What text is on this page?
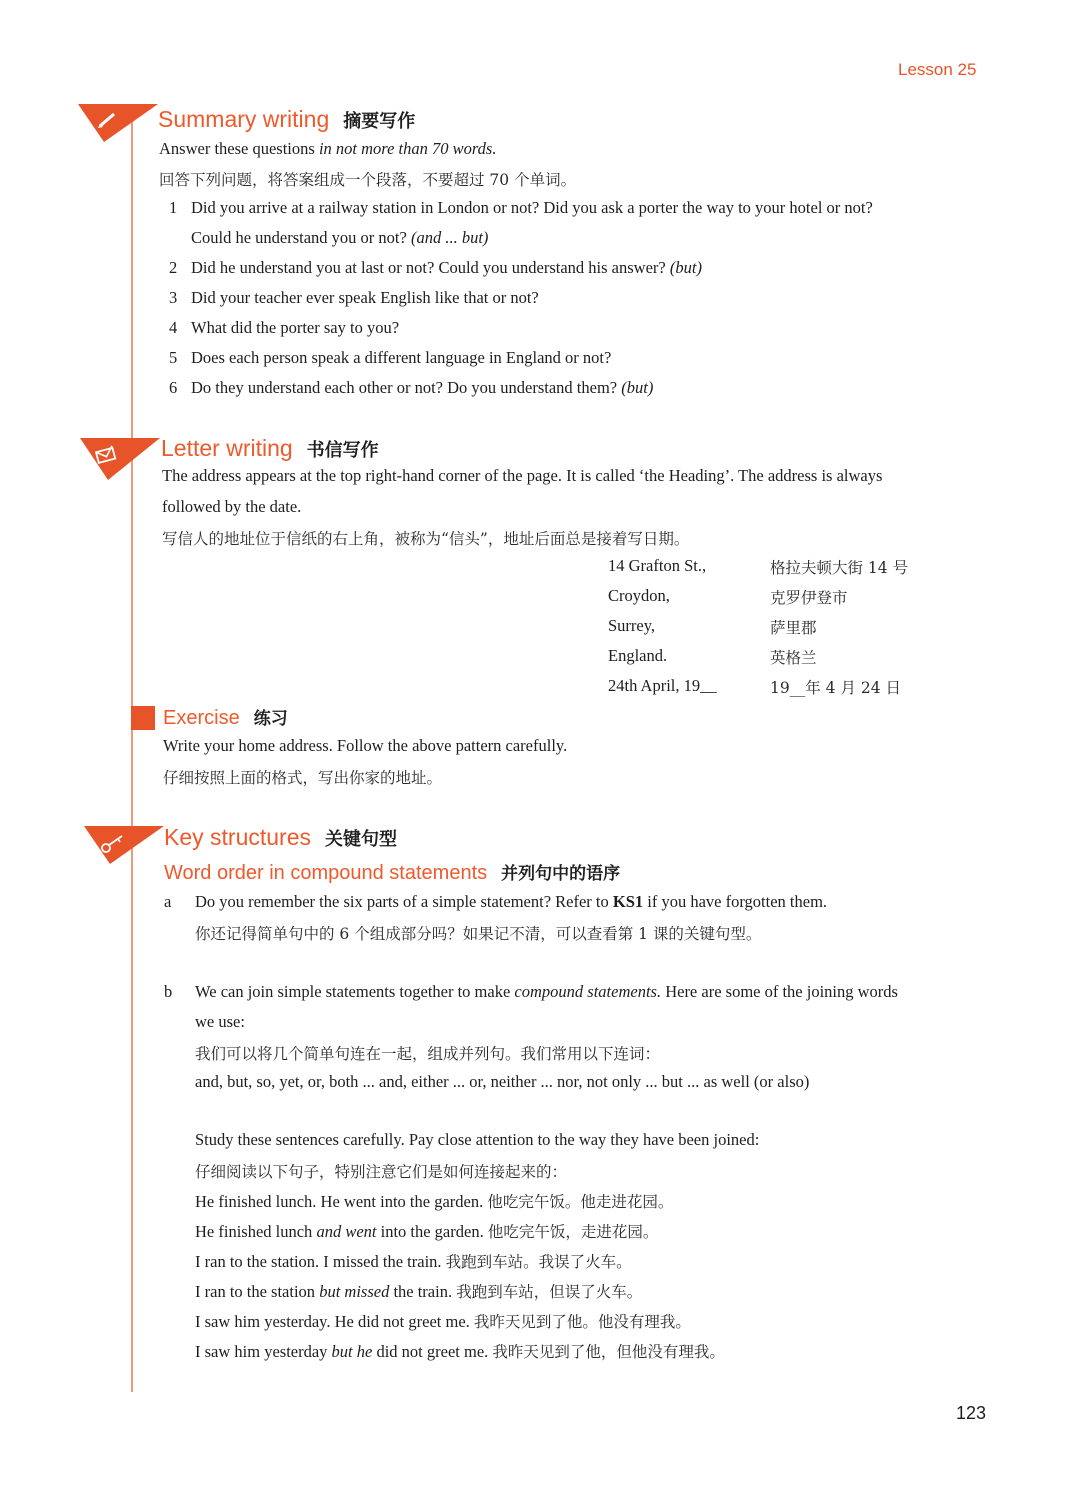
Lesson 25
Summary writing 摘要写作
Answer these questions in not more than 70 words.
回答下列问题，将答案组成一个段落，不要超过 70 个单词。
1 Did you arrive at a railway station in London or not? Did you ask a porter the way to your hotel or not?
Could he understand you or not? (and ... but)
2 Did he understand you at last or not? Could you understand his answer? (but)
3 Did your teacher ever speak English like that or not?
4 What did the porter say to you?
5 Does each person speak a different language in England or not?
6 Do they understand each other or not? Do you understand them? (but)
Letter writing 书信写作
The address appears at the top right-hand corner of the page. It is called ‘the Heading’. The address is always
followed by the date.
写信人的地址位于信纸的右上角，被称为“信头”，地址后面总是接着写日期。
14 Grafton St.,
Croydon,
Surrey,
England.
24th April, 19__
格拉夫顿大街 14 号
克罗伊登市
萨里郡
英格兰
19__年 4 月 24 日
Exercise 练习
Write your home address. Follow the above pattern carefully.
仔细按照上面的格式，写出你家的地址。
Key structures 关键句型
Word order in compound statements 并列句中的语序
a Do you remember the six parts of a simple statement? Refer to KS1 if you have forgotten them.
你还记得简单句中的 6 个组成部分吗？如果记不清，可以查看第 1 课的关键句型。
b We can join simple statements together to make compound statements. Here are some of the joining words
we use:
我们可以将几个简单句连在一起，组成并列句。我们常用以下连词：
and, but, so, yet, or, both ... and, either ... or, neither ... nor, not only ... but ... as well (or also)
Study these sentences carefully. Pay close attention to the way they have been joined:
仔细阅读以下句子，特别注意它们是如何连接起来的：
He finished lunch. He went into the garden. 他吃完午饭。他走进花园。
He finished lunch and went into the garden. 他吃完午饭，走进花园。
I ran to the station. I missed the train. 我跑到车站。我误了火车。
I ran to the station but missed the train. 我跑到车站，但误了火车。
I saw him yesterday. He did not greet me. 我昨天见到了他。他没有理我。
I saw him yesterday but he did not greet me. 我昨天见到了他，但他没有理我。
123
